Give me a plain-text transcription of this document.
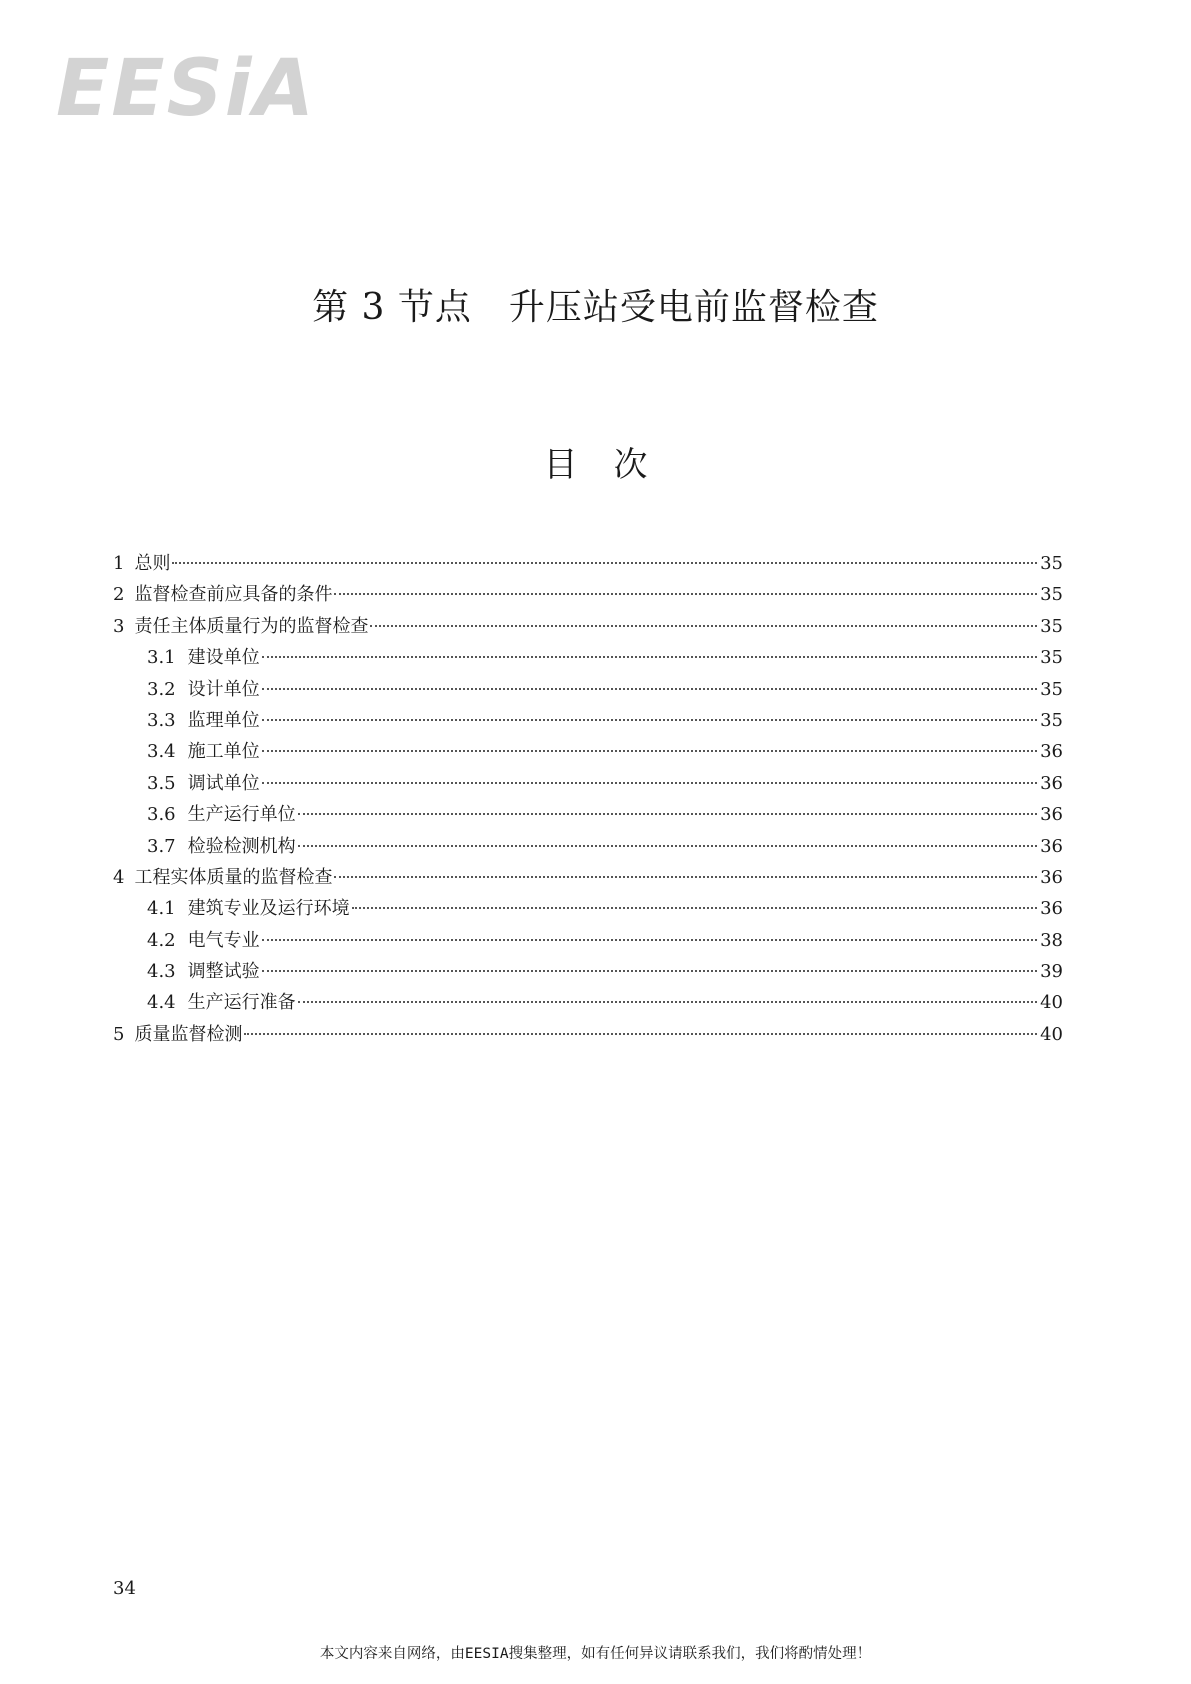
EESiA
第 3 节点　升压站受电前监督检查
目次
1 总则	35
2 监督检查前应具备的条件	35
3 责任主体质量行为的监督检查	35
3.1 建设单位	35
3.2 设计单位	35
3.3 监理单位	35
3.4 施工单位	36
3.5 调试单位	36
3.6 生产运行单位	36
3.7 检验检测机构	36
4 工程实体质量的监督检查	36
4.1 建筑专业及运行环境	36
4.2 电气专业	38
4.3 调整试验	39
4.4 生产运行准备	40
5 质量监督检测	40
34
本文内容来自网络，由EESIA搜集整理，如有任何异议请联系我们，我们将酌情处理！
